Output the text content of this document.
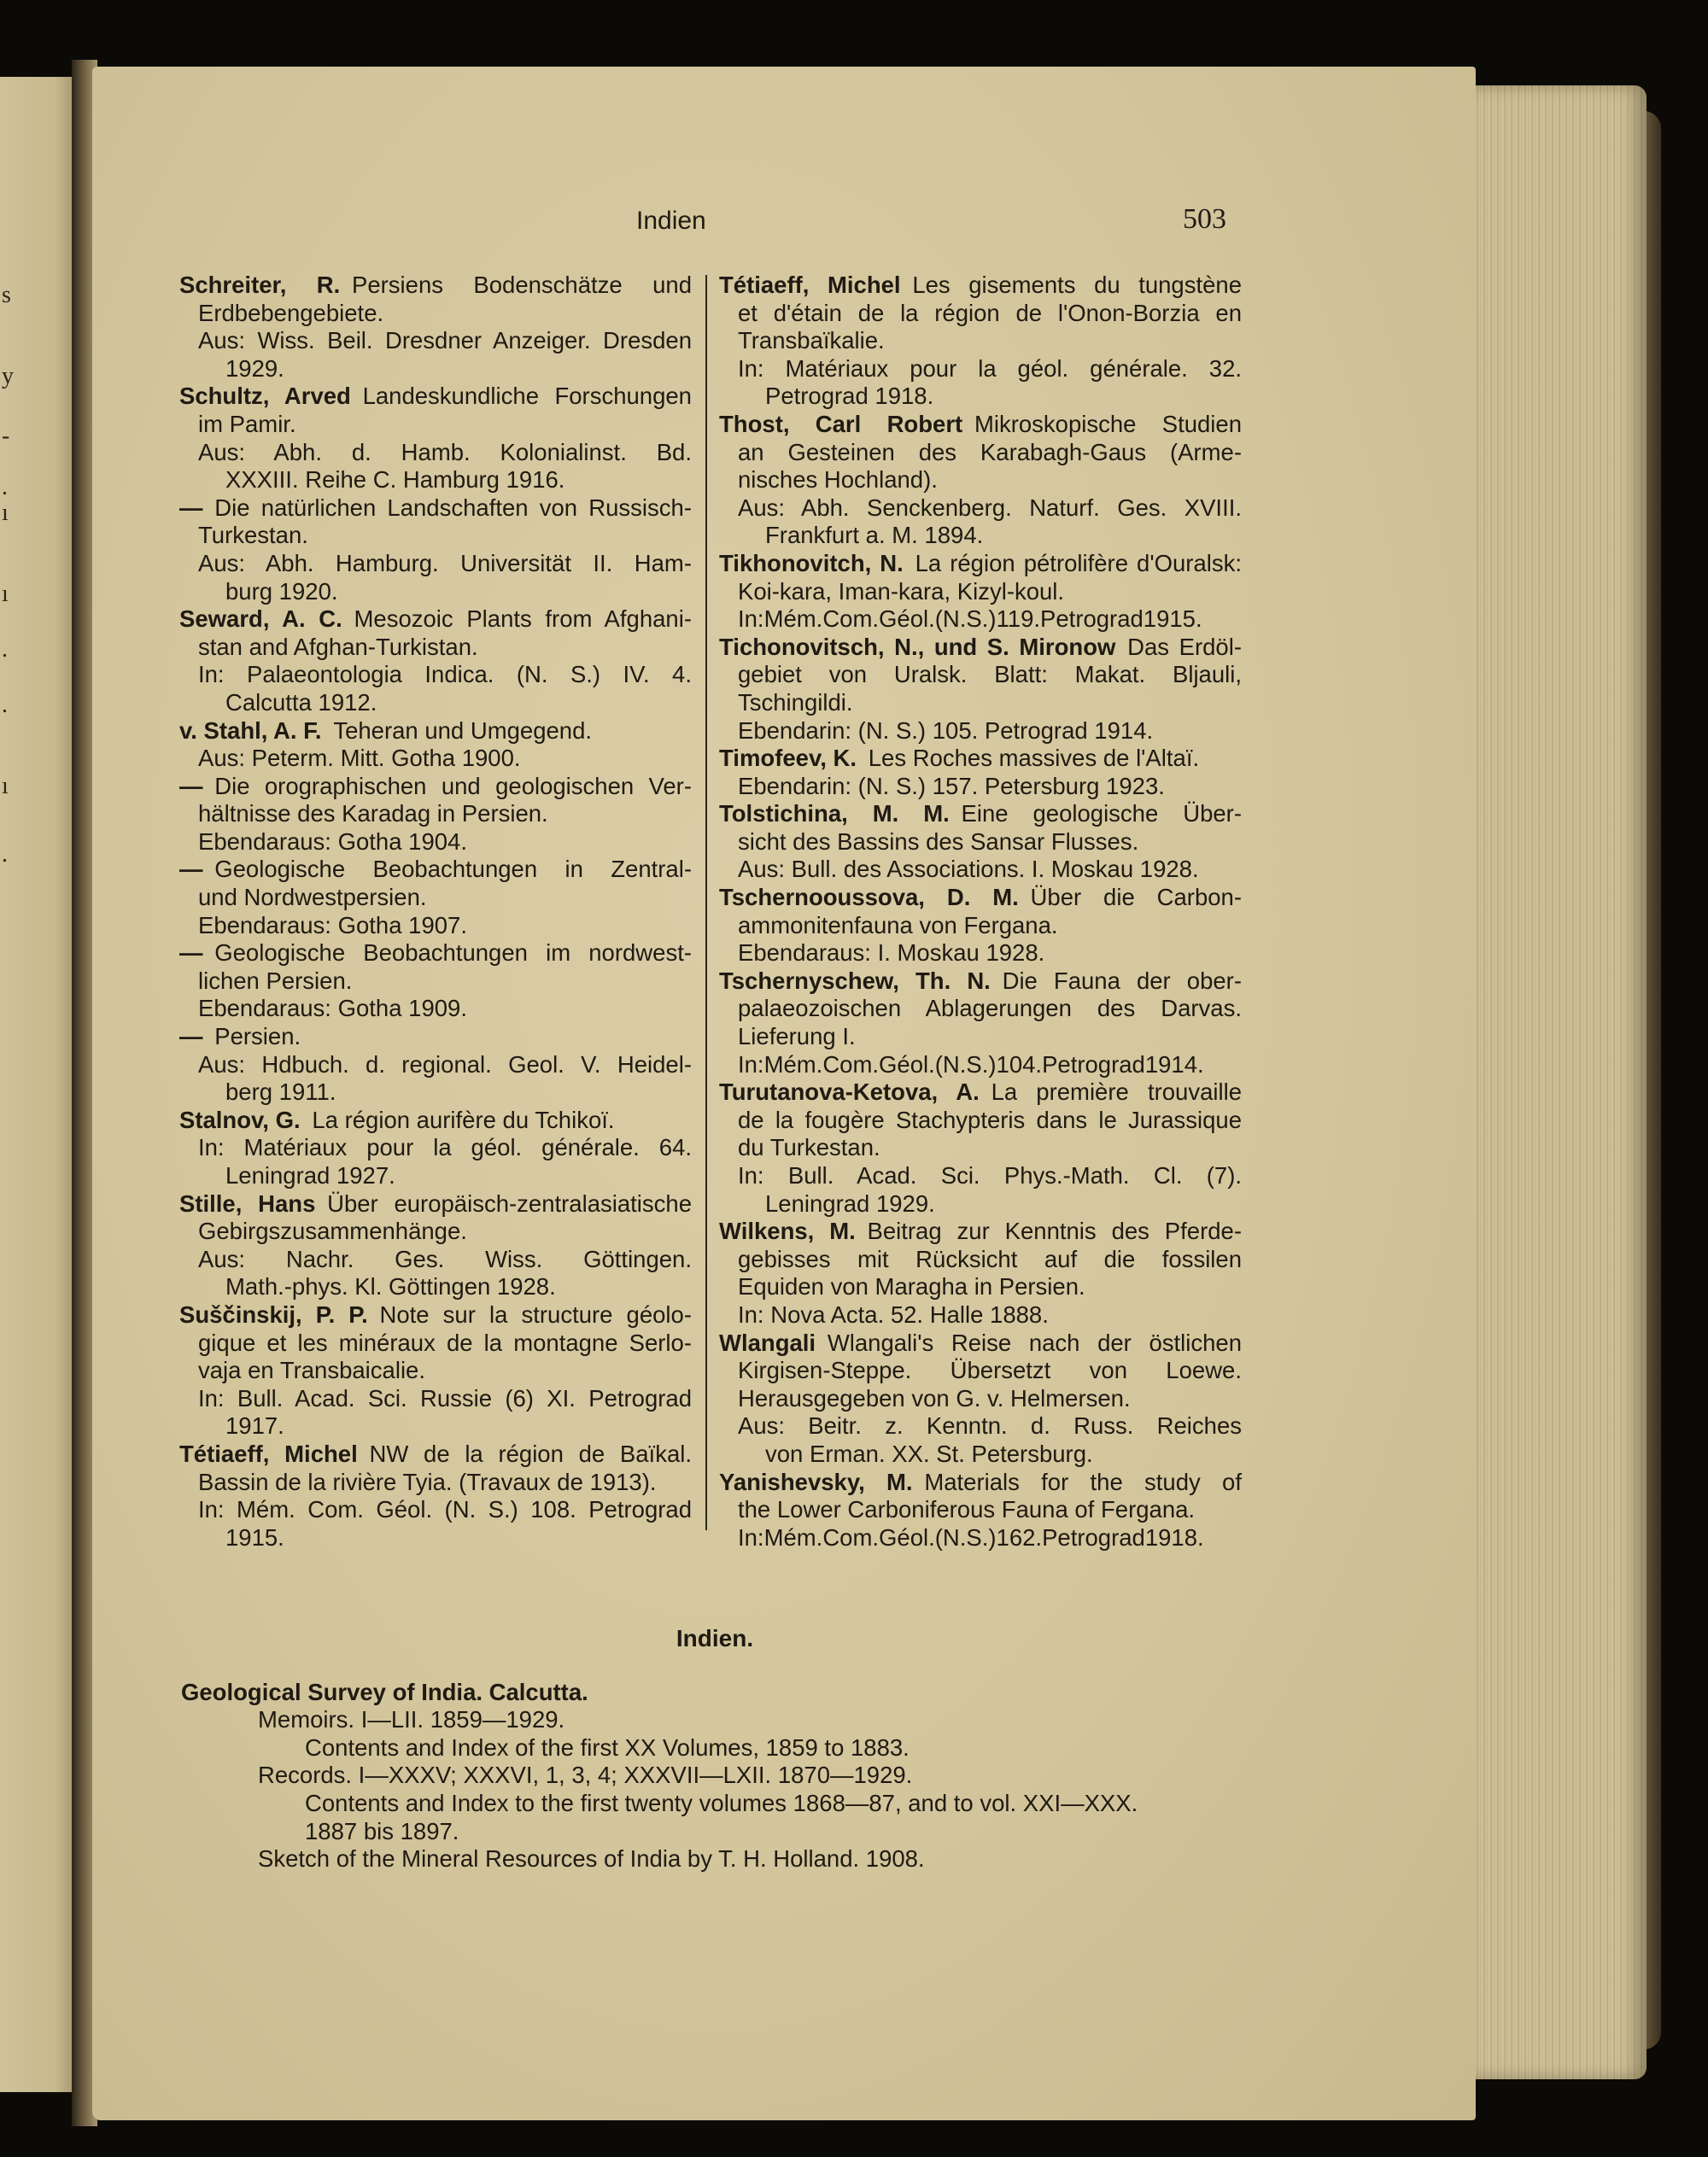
s
y
-
.
ı
ı
.
.
ı
.
Indien	503
Schreiter, R.  Persiens Bodenschätze und
Erdbebengebiete.
Aus: Wiss. Beil. Dresdner Anzeiger. Dresden
1929.
Schultz, Arved  Landeskundliche Forschungen
im Pamir.
Aus: Abh. d. Hamb. Kolonialinst. Bd.
XXXIII. Reihe C. Hamburg 1916.
—  Die natürlichen Landschaften von Russisch-
Turkestan.
Aus: Abh. Hamburg. Universität II. Ham-
burg 1920.
Seward, A. C.  Mesozoic Plants from Afghani-
stan and Afghan-Turkistan.
In: Palaeontologia Indica. (N. S.) IV. 4.
Calcutta 1912.
v. Stahl, A. F.  Teheran und Umgegend.
Aus: Peterm. Mitt. Gotha 1900.
—  Die orographischen und geologischen Ver-
hältnisse des Karadag in Persien.
Ebendaraus: Gotha 1904.
—  Geologische Beobachtungen in Zentral-
und Nordwestpersien.
Ebendaraus: Gotha 1907.
—  Geologische Beobachtungen im nordwest-
lichen Persien.
Ebendaraus: Gotha 1909.
—  Persien.
Aus: Hdbuch. d. regional. Geol. V. Heidel-
berg 1911.
Stalnov, G.  La région aurifère du Tchikoï.
In: Matériaux pour la géol. générale. 64.
Leningrad 1927.
Stille, Hans  Über europäisch-zentralasiatische
Gebirgszusammenhänge.
Aus: Nachr. Ges. Wiss. Göttingen.
Math.-phys. Kl. Göttingen 1928.
Suščinskij, P. P.  Note sur la structure géolo-
gique et les minéraux de la montagne Serlo-
vaja en Transbaicalie.
In: Bull. Acad. Sci. Russie (6) XI. Petrograd
1917.
Tétiaeff, Michel  NW de la région de Baïkal.
Bassin de la rivière Tyia. (Travaux de 1913).
In: Mém. Com. Géol. (N. S.) 108. Petrograd
1915.
Tétiaeff, Michel  Les gisements du tungstène
et d'étain de la région de l'Onon-Borzia en
Transbaïkalie.
In: Matériaux pour la géol. générale. 32.
Petrograd 1918.
Thost, Carl Robert  Mikroskopische Studien
an Gesteinen des Karabagh-Gaus (Arme-
nisches Hochland).
Aus: Abh. Senckenberg. Naturf. Ges. XVIII.
Frankfurt a. M. 1894.
Tikhonovitch, N.  La région pétrolifère d'Ouralsk:
Koi-kara, Iman-kara, Kizyl-koul.
In:Mém.Com.Géol.(N.S.)119.Petrograd1915.
Tichonovitsch, N., und S. Mironow  Das Erdöl-
gebiet von Uralsk. Blatt: Makat. Bljauli,
Tschingildi.
Ebendarin: (N. S.) 105. Petrograd 1914.
Timofeev, K.  Les Roches massives de l'Altaï.
Ebendarin: (N. S.) 157. Petersburg 1923.
Tolstichina, M. M.  Eine geologische Über-
sicht des Bassins des Sansar Flusses.
Aus: Bull. des Associations. I. Moskau 1928.
Tschernooussova, D. M.  Über die Carbon-
ammonitenfauna von Fergana.
Ebendaraus: I. Moskau 1928.
Tschernyschew, Th. N.  Die Fauna der ober-
palaeozoischen Ablagerungen des Darvas.
Lieferung I.
In:Mém.Com.Géol.(N.S.)104.Petrograd1914.
Turutanova-Ketova, A.  La première trouvaille
de la fougère Stachypteris dans le Jurassique
du Turkestan.
In: Bull. Acad. Sci. Phys.-Math. Cl. (7).
Leningrad 1929.
Wilkens, M.  Beitrag zur Kenntnis des Pferde-
gebisses mit Rücksicht auf die fossilen
Equiden von Maragha in Persien.
In: Nova Acta. 52. Halle 1888.
Wlangali  Wlangali's Reise nach der östlichen
Kirgisen-Steppe. Übersetzt von Loewe.
Herausgegeben von G. v. Helmersen.
Aus: Beitr. z. Kenntn. d. Russ. Reiches
von Erman. XX. St. Petersburg.
Yanishevsky, M.  Materials for the study of
the Lower Carboniferous Fauna of Fergana.
In:Mém.Com.Géol.(N.S.)162.Petrograd1918.
Indien.
Geological Survey of India. Calcutta.
Memoirs. I—LII. 1859—1929.
Contents and Index of the first XX Volumes, 1859 to 1883.
Records. I—XXXV; XXXVI, 1, 3, 4; XXXVII—LXII. 1870—1929.
Contents and Index to the first twenty volumes 1868—87, and to vol. XXI—XXX.
1887 bis 1897.
Sketch of the Mineral Resources of India by T. H. Holland. 1908.
